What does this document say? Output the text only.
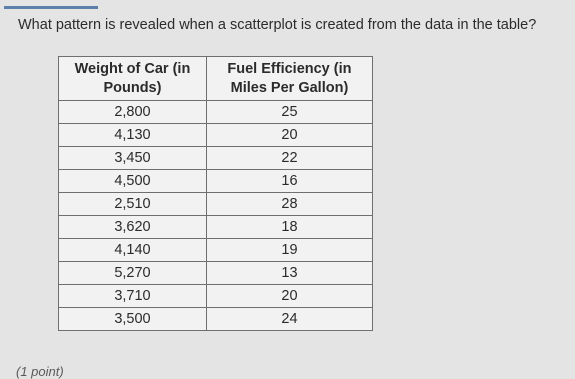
What pattern is revealed when a scatterplot is created from the data in the table?
Weight of Car (in Pounds)	Fuel Efficiency (in Miles Per Gallon)
2,800	25
4,130	20
3,450	22
4,500	16
2,510	28
3,620	18
4,140	19
5,270	13
3,710	20
3,500	24
(1 point)
